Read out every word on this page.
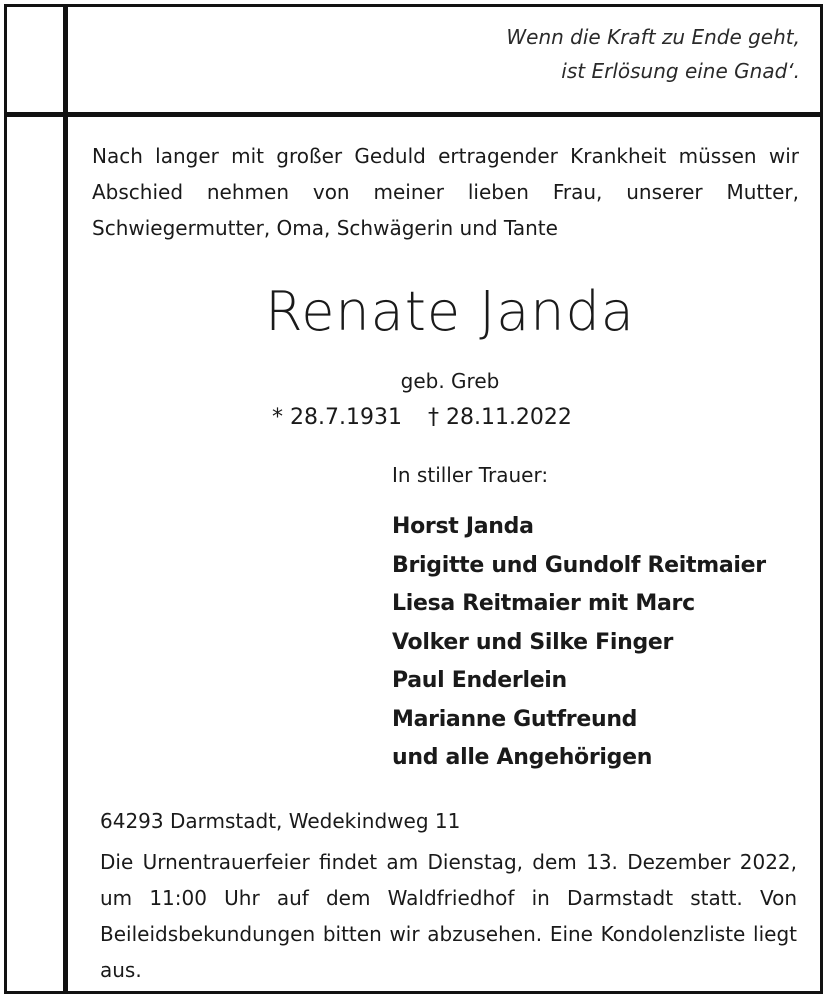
Wenn die Kraft zu Ende geht,
ist Erlösung eine Gnad‘.
Nach langer mit großer Geduld ertragender Krankheit müssen wir Abschied nehmen von meiner lieben Frau, unserer Mutter, Schwiegermutter, Oma, Schwägerin und Tante
Renate Janda
geb. Greb
* 28.7.1931 † 28.11.2022
In stiller Trauer:
Horst Janda
Brigitte und Gundolf Reitmaier
Liesa Reitmaier mit Marc
Volker und Silke Finger
Paul Enderlein
Marianne Gutfreund
und alle Angehörigen
64293 Darmstadt, Wedekindweg 11
Die Urnentrauerfeier findet am Dienstag, dem 13. Dezember 2022, um 11:00 Uhr auf dem Waldfriedhof in Darmstadt statt. Von Beileidsbekundungen bitten wir abzusehen. Eine Kondolenzliste liegt aus.
